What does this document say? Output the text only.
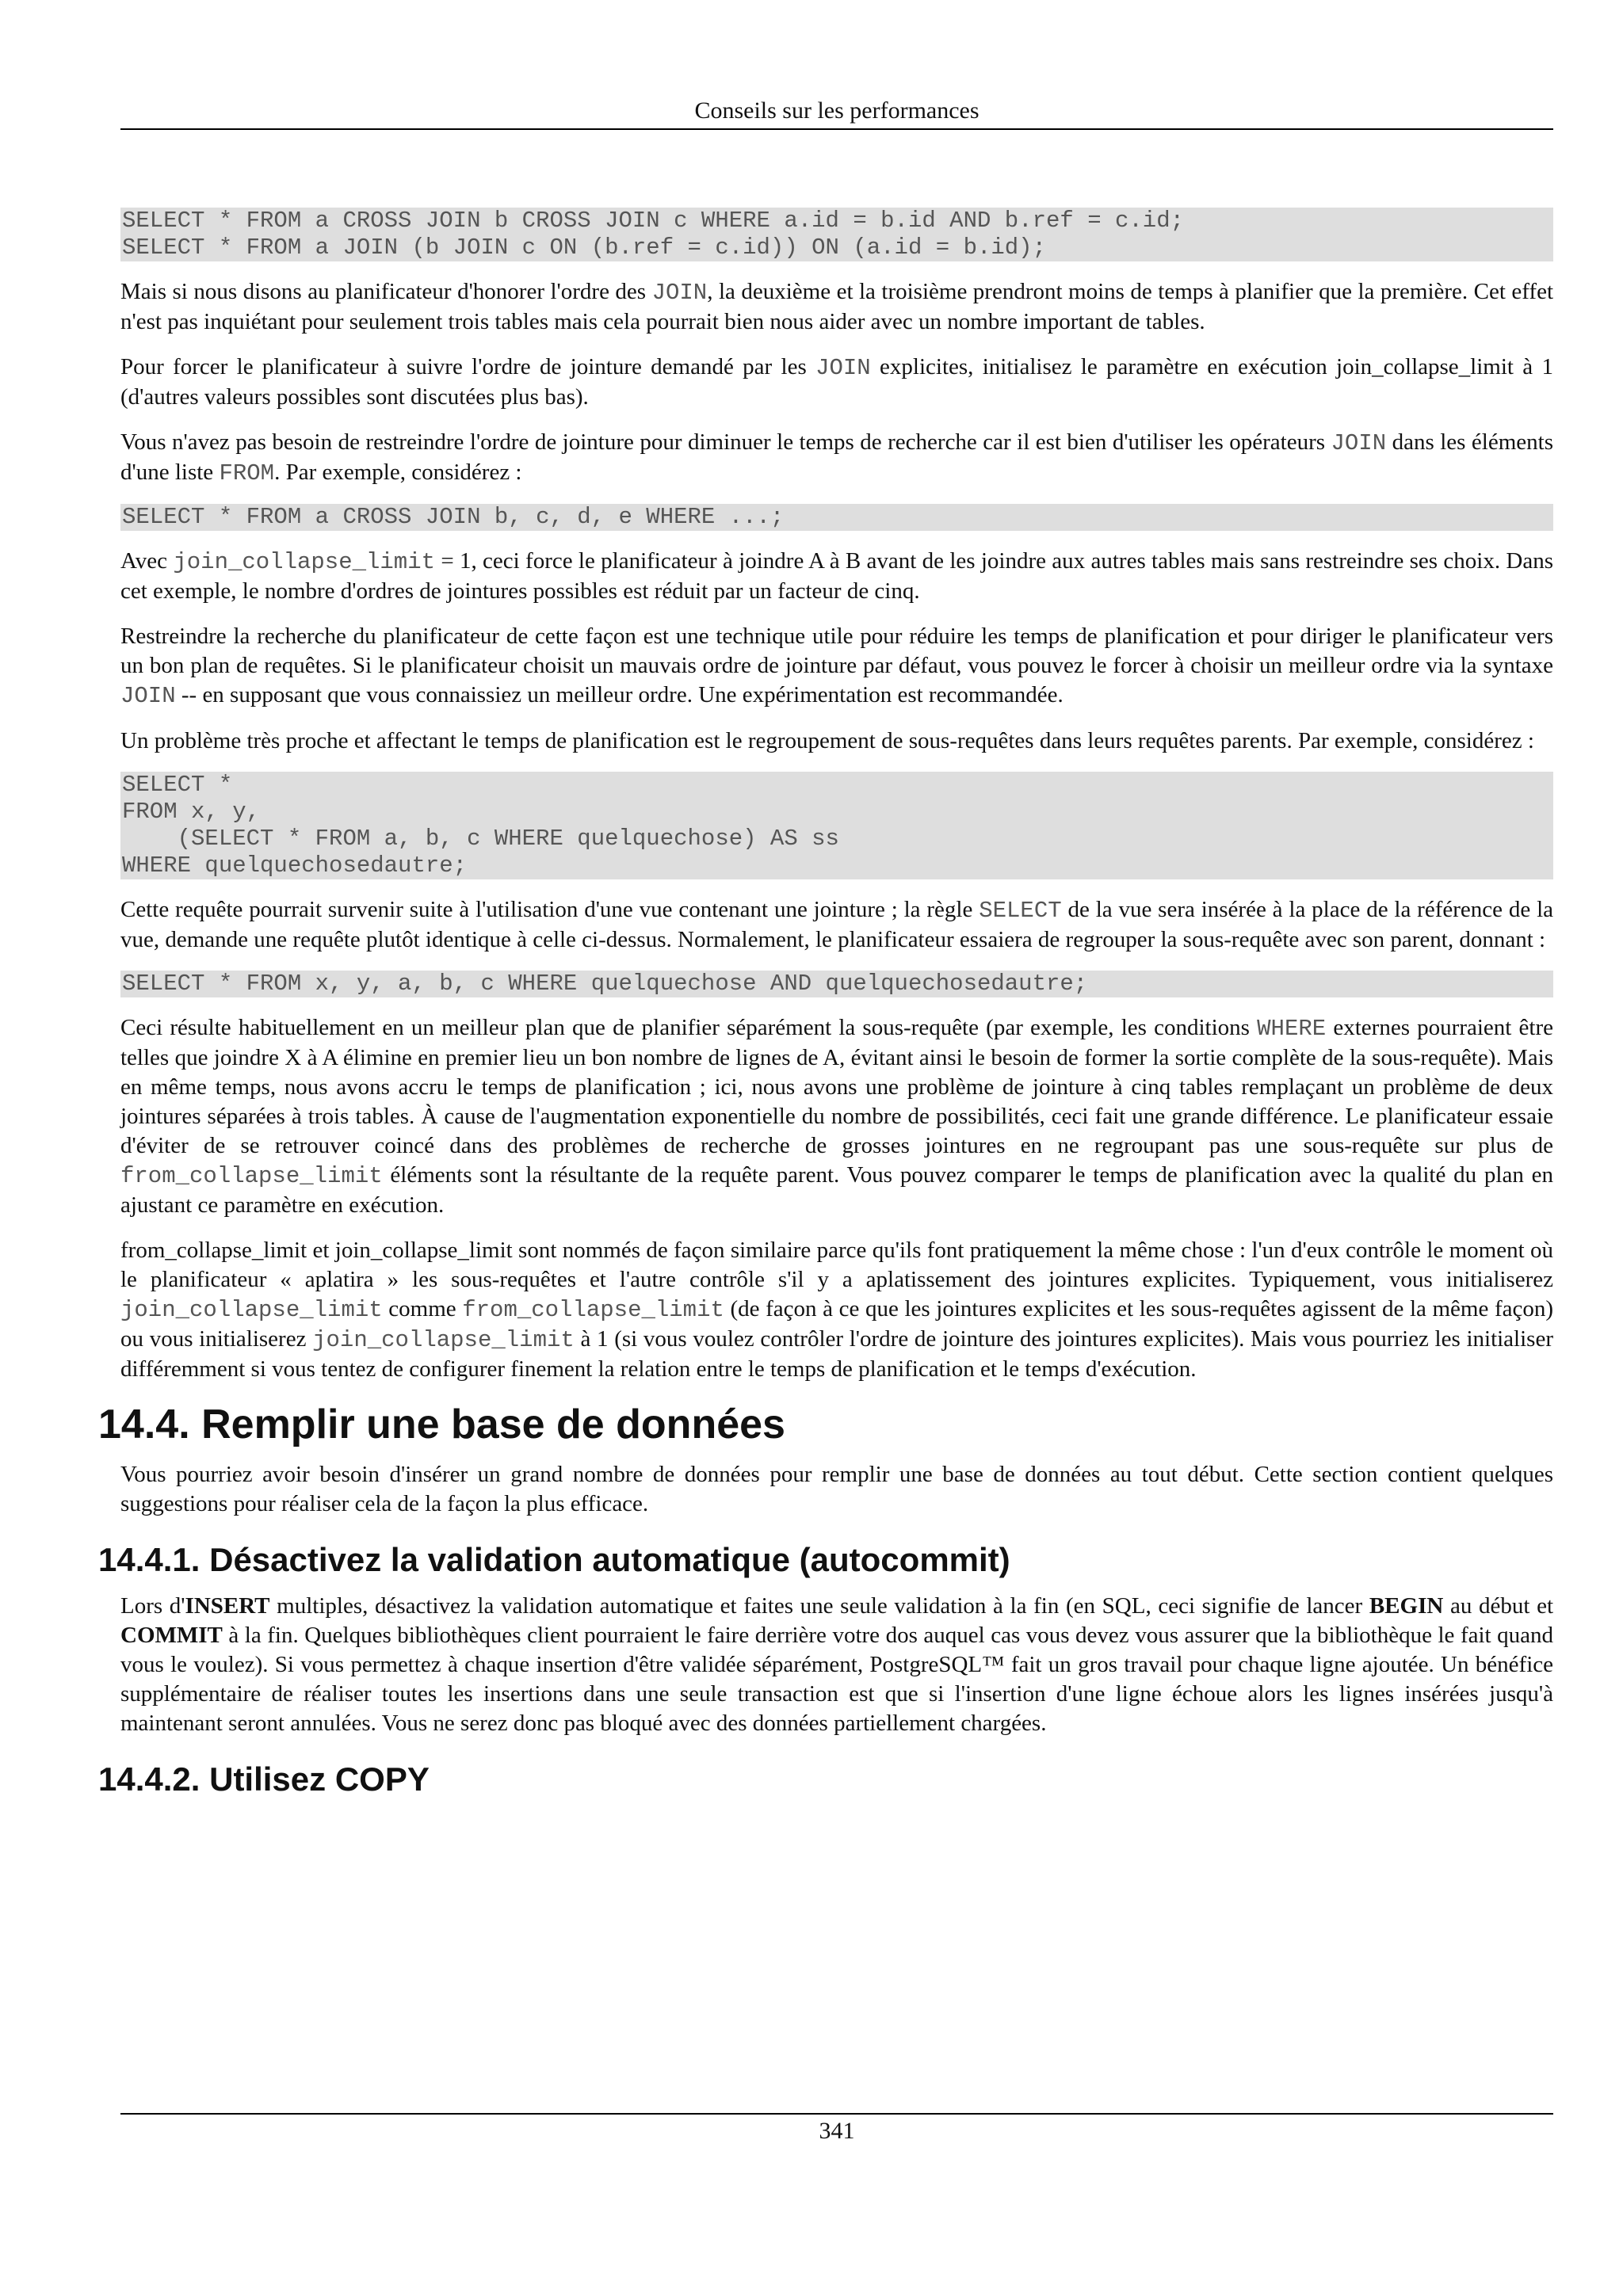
Conseils sur les performances
SELECT * FROM a CROSS JOIN b CROSS JOIN c WHERE a.id = b.id AND b.ref = c.id;
SELECT * FROM a JOIN (b JOIN c ON (b.ref = c.id)) ON (a.id = b.id);

Mais si nous disons au planificateur d'honorer l'ordre des JOIN, la deuxième et la troisième prendront moins de temps à planifier que la première. Cet effet n'est pas inquiétant pour seulement trois tables mais cela pourrait bien nous aider avec un nombre important de tables.

Pour forcer le planificateur à suivre l'ordre de jointure demandé par les JOIN explicites, initialisez le paramètre en exécution join_collapse_limit à 1 (d'autres valeurs possibles sont discutées plus bas).

Vous n'avez pas besoin de restreindre l'ordre de jointure pour diminuer le temps de recherche car il est bien d'utiliser les opérateurs JOIN dans les éléments d'une liste FROM. Par exemple, considérez :

SELECT * FROM a CROSS JOIN b, c, d, e WHERE ...;

Avec join_collapse_limit = 1, ceci force le planificateur à joindre A à B avant de les joindre aux autres tables mais sans restreindre ses choix. Dans cet exemple, le nombre d'ordres de jointures possibles est réduit par un facteur de cinq.

Restreindre la recherche du planificateur de cette façon est une technique utile pour réduire les temps de planification et pour diriger le planificateur vers un bon plan de requêtes. Si le planificateur choisit un mauvais ordre de jointure par défaut, vous pouvez le forcer à choisir un meilleur ordre via la syntaxe JOIN -- en supposant que vous connaissiez un meilleur ordre. Une expérimentation est recommandée.

Un problème très proche et affectant le temps de planification est le regroupement de sous-requêtes dans leurs requêtes parents. Par exemple, considérez :

SELECT *
FROM x, y,
(SELECT * FROM a, b, c WHERE quelquechose) AS ss
WHERE quelquechosedautre;

Cette requête pourrait survenir suite à l'utilisation d'une vue contenant une jointure ; la règle SELECT de la vue sera insérée à la place de la référence de la vue, demande une requête plutôt identique à celle ci-dessus. Normalement, le planificateur essaiera de regrouper la sous-requête avec son parent, donnant :

SELECT * FROM x, y, a, b, c WHERE quelquechose AND quelquechosedautre;

Ceci résulte habituellement en un meilleur plan que de planifier séparément la sous-requête (par exemple, les conditions WHERE externes pourraient être telles que joindre X à A élimine en premier lieu un bon nombre de lignes de A, évitant ainsi le besoin de former la sortie complète de la sous-requête). Mais en même temps, nous avons accru le temps de planification ; ici, nous avons une problème de jointure à cinq tables remplaçant un problème de deux jointures séparées à trois tables. À cause de l'augmentation exponentielle du nombre de possibilités, ceci fait une grande différence. Le planificateur essaie d'éviter de se retrouver coincé dans des problèmes de recherche de grosses jointures en ne regroupant pas une sous-requête sur plus de from_collapse_limit éléments sont la résultante de la requête parent. Vous pouvez comparer le temps de planification avec la qualité du plan en ajustant ce paramètre en exécution.

from_collapse_limit et join_collapse_limit sont nommés de façon similaire parce qu'ils font pratiquement la même chose : l'un d'eux contrôle le moment où le planificateur « aplatira » les sous-requêtes et l'autre contrôle s'il y a aplatissement des jointures explicites. Typiquement, vous initialiserez join_collapse_limit comme from_collapse_limit (de façon à ce que les jointures explicites et les sous-requêtes agissent de la même façon) ou vous initialiserez join_collapse_limit à 1 (si vous voulez contrôler l'ordre de jointure des jointures explicites). Mais vous pourriez les initialiser différemment si vous tentez de configurer finement la relation entre le temps de planification et le temps d'exécution.

14.4. Remplir une base de données

Vous pourriez avoir besoin d'insérer un grand nombre de données pour remplir une base de données au tout début. Cette section contient quelques suggestions pour réaliser cela de la façon la plus efficace.

14.4.1. Désactivez la validation automatique (autocommit)

Lors d'INSERT multiples, désactivez la validation automatique et faites une seule validation à la fin (en SQL, ceci signifie de lancer BEGIN au début et COMMIT à la fin. Quelques bibliothèques client pourraient le faire derrière votre dos auquel cas vous devez vous assurer que la bibliothèque le fait quand vous le voulez). Si vous permettez à chaque insertion d'être validée séparément, PostgreSQL™ fait un gros travail pour chaque ligne ajoutée. Un bénéfice supplémentaire de réaliser toutes les insertions dans une seule transaction est que si l'insertion d'une ligne échoue alors les lignes insérées jusqu'à maintenant seront annulées. Vous ne serez donc pas bloqué avec des données partiellement chargées.

14.4.2. Utilisez COPY
341
